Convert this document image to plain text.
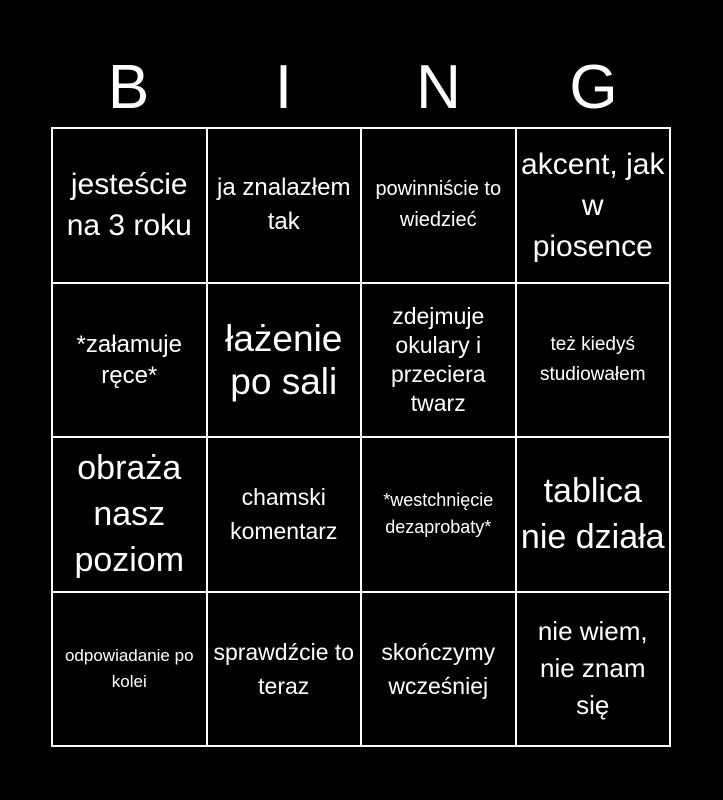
B	I	N	G
jesteście na 3 roku
ja znalazłem tak
powinniście to wiedzieć
akcent, jak w piosence
*załamuje ręce*
łażenie po sali
zdejmuje okulary i przeciera twarz
też kiedyś studiowałem
obraża nasz poziom
chamski komentarz
*westchnięcie dezaprobaty*
tablica nie działa
odpowiadanie po kolei
sprawdźcie to teraz
skończymy wcześniej
nie wiem, nie znam się
